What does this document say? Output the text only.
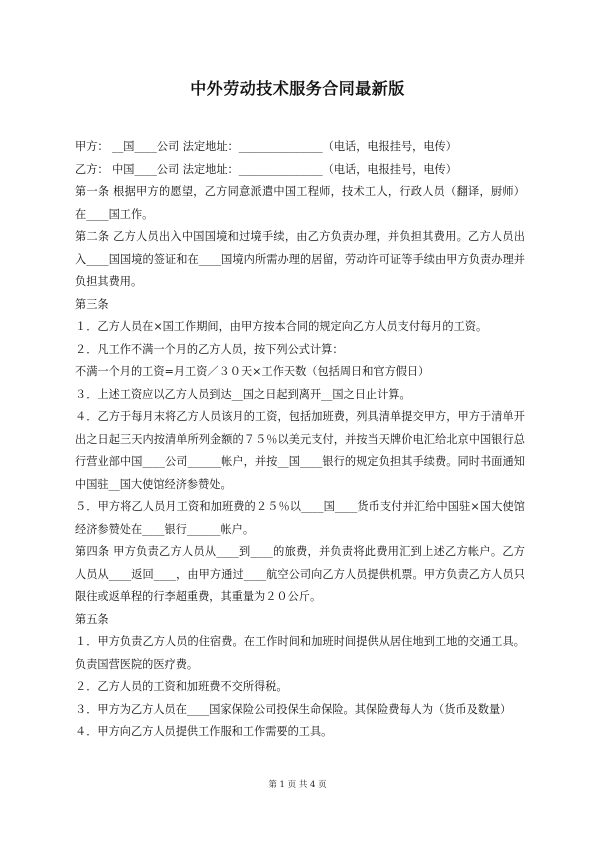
中外劳动技术服务合同最新版

甲方： __国____公司 法定地址：_______________（电话，电报挂号，电传）

乙方： 中国____公司 法定地址：_______________（电话，电报挂号，电传）

第一条 根据甲方的愿望，乙方同意派遣中国工程师，技术工人，行政人员（翻译，厨师）在____国工作。

第二条 乙方人员出入中国国境和过境手续，由乙方负责办理，并负担其费用。乙方人员出入____国国境的签证和在____国境内所需办理的居留，劳动许可证等手续由甲方负责办理并负担其费用。

第三条

１．乙方人员在×国工作期间，由甲方按本合同的规定向乙方人员支付每月的工资。

２．凡工作不满一个月的乙方人员，按下列公式计算：

不满一个月的工资=月工资／３０天×工作天数（包括周日和官方假日）

３．上述工资应以乙方人员到达__国之日起到离开__国之日止计算。

４．乙方于每月末将乙方人员该月的工资，包括加班费，列具清单提交甲方，甲方于清单开出之日起三天内按清单所列金额的７５％以美元支付，并按当天牌价电汇给北京中国银行总行营业部中国____公司______帐户，并按__国____银行的规定负担其手续费。同时书面通知中国驻__国大使馆经济参赞处。

５．甲方将乙人员月工资和加班费的２５％以____国____货币支付并汇给中国驻×国大使馆经济参赞处在____银行______帐户。

第四条 甲方负责乙方人员从____到____的旅费，并负责将此费用汇到上述乙方帐户。乙方人员从____返回____，由甲方通过____航空公司向乙方人员提供机票。甲方负责乙方人员只限往或返单程的行李超重费，其重量为２０公斤。

第五条

１．甲方负责乙方人员的住宿费。在工作时间和加班时间提供从居住地到工地的交通工具。负责国营医院的医疗费。

２．乙方人员的工资和加班费不交所得税。

３．甲方为乙方人员在____国家保险公司投保生命保险。其保险费每人为（货币及数量）

４．甲方向乙方人员提供工作服和工作需要的工具。

第 1 页 共 4 页
